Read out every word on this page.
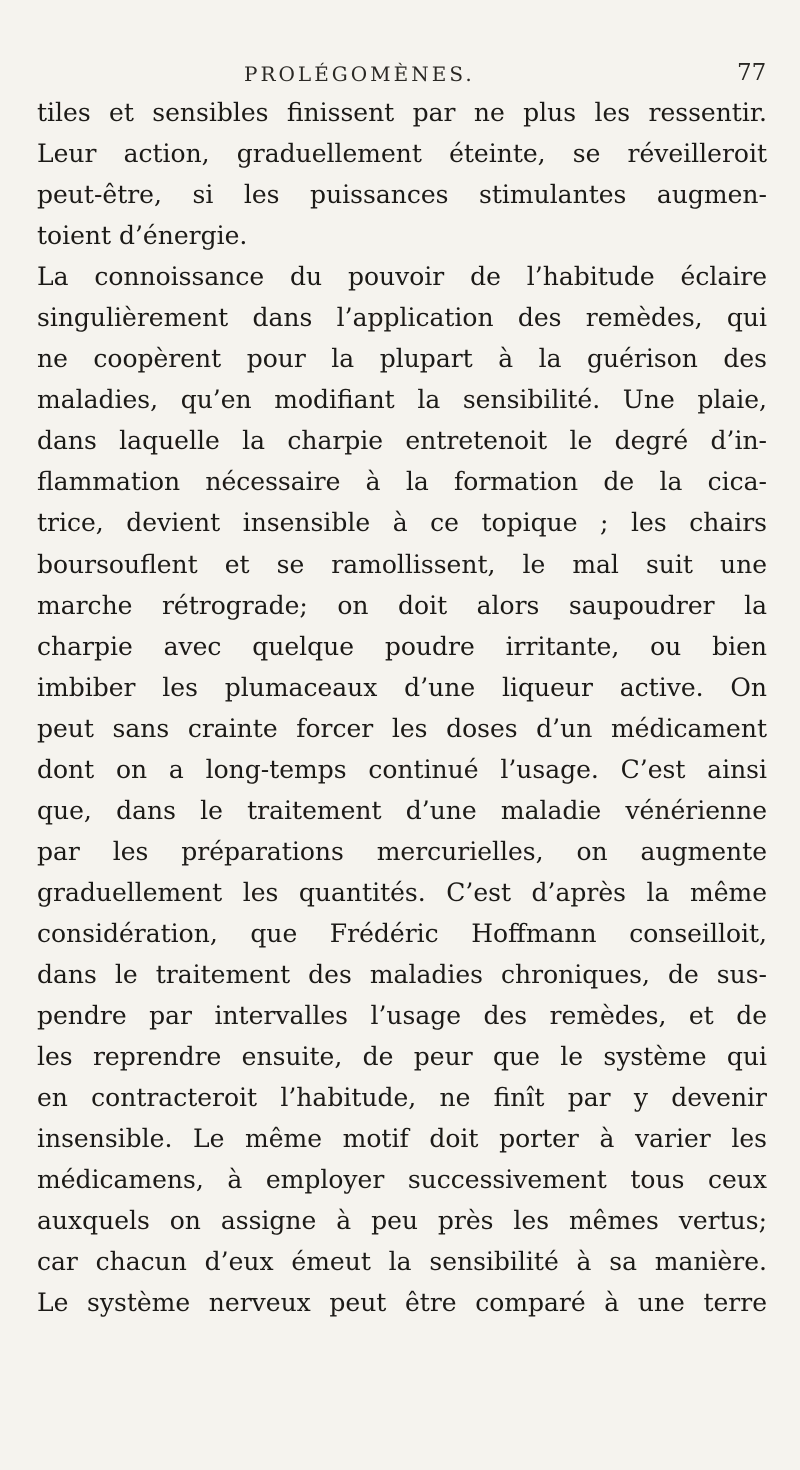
PROLÉGOMÈNES.	77
tiles et sensibles finissent par ne plus les ressentir.
Leur action, graduellement éteinte, se réveilleroit
peut-être, si les puissances stimulantes augmen-
toient d’énergie.
La connoissance du pouvoir de l’habitude éclaire
singulièrement dans l’application des remèdes, qui
ne coopèrent pour la plupart à la guérison des
maladies, qu’en modifiant la sensibilité. Une plaie,
dans laquelle la charpie entretenoit le degré d’in-
flammation nécessaire à la formation de la cica-
trice, devient insensible à ce topique ; les chairs
boursouflent et se ramollissent, le mal suit une
marche rétrograde; on doit alors saupoudrer la
charpie avec quelque poudre irritante, ou bien
imbiber les plumaceaux d’une liqueur active. On
peut sans crainte forcer les doses d’un médicament
dont on a long-temps continué l’usage. C’est ainsi
que, dans le traitement d’une maladie vénérienne
par les préparations mercurielles, on augmente
graduellement les quantités. C’est d’après la même
considération, que Frédéric Hoffmann conseilloit,
dans le traitement des maladies chroniques, de sus-
pendre par intervalles l’usage des remèdes, et de
les reprendre ensuite, de peur que le système qui
en contracteroit l’habitude, ne finît par y devenir
insensible. Le même motif doit porter à varier les
médicamens, à employer successivement tous ceux
auxquels on assigne à peu près les mêmes vertus;
car chacun d’eux émeut la sensibilité à sa manière.
Le système nerveux peut être comparé à une terre
